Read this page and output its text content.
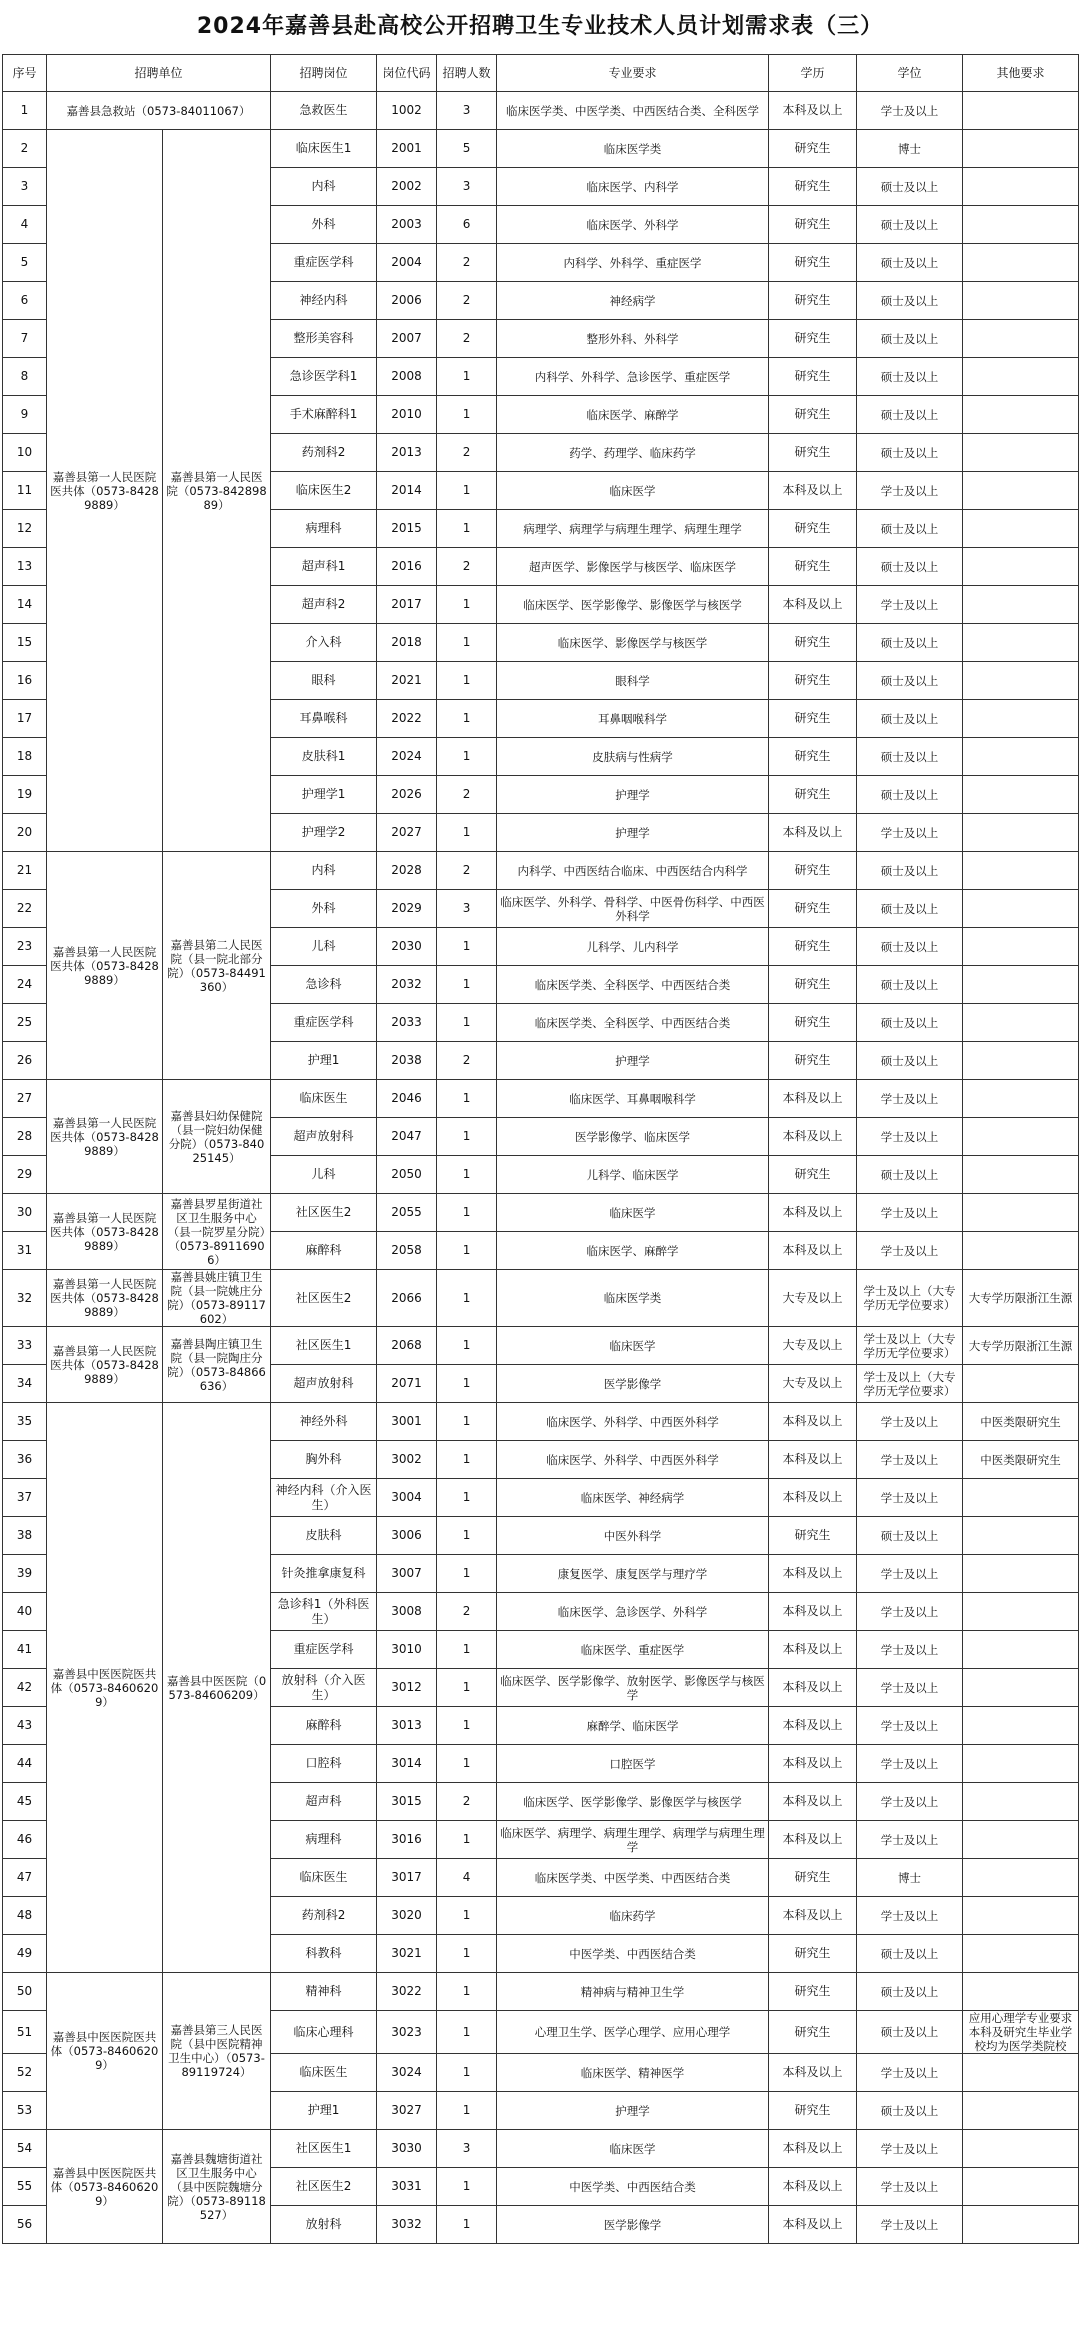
2024年嘉善县赴高校公开招聘卫生专业技术人员计划需求表（三）
序号	招聘单位		招聘岗位	岗位代码	招聘人数	专业要求	学历	学位	其他要求
1	嘉善县急救站（0573-84011067）		急救医生	1002	3	临床医学类、中医学类、中西医结合类、全科医学	本科及以上	学士及以上	
2	嘉善县第一人民医院医共体（0573-84289889）	嘉善县第一人民医院（0573-84289889）	临床医生1	2001	5	临床医学类	研究生	博士	
3			内科	2002	3	临床医学、内科学	研究生	硕士及以上	
4			外科	2003	6	临床医学、外科学	研究生	硕士及以上	
5			重症医学科	2004	2	内科学、外科学、重症医学	研究生	硕士及以上	
6			神经内科	2006	2	神经病学	研究生	硕士及以上	
7			整形美容科	2007	2	整形外科、外科学	研究生	硕士及以上	
8			急诊医学科1	2008	1	内科学、外科学、急诊医学、重症医学	研究生	硕士及以上	
9			手术麻醉科1	2010	1	临床医学、麻醉学	研究生	硕士及以上	
10			药剂科2	2013	2	药学、药理学、临床药学	研究生	硕士及以上	
11			临床医生2	2014	1	临床医学	本科及以上	学士及以上	
12			病理科	2015	1	病理学、病理学与病理生理学、病理生理学	研究生	硕士及以上	
13			超声科1	2016	2	超声医学、影像医学与核医学、临床医学	研究生	硕士及以上	
14			超声科2	2017	1	临床医学、医学影像学、影像医学与核医学	本科及以上	学士及以上	
15			介入科	2018	1	临床医学、影像医学与核医学	研究生	硕士及以上	
16			眼科	2021	1	眼科学	研究生	硕士及以上	
17			耳鼻喉科	2022	1	耳鼻咽喉科学	研究生	硕士及以上	
18			皮肤科1	2024	1	皮肤病与性病学	研究生	硕士及以上	
19			护理学1	2026	2	护理学	研究生	硕士及以上	
20			护理学2	2027	1	护理学	本科及以上	学士及以上	
21	嘉善县第一人民医院医共体（0573-84289889）	嘉善县第二人民医院（县一院北部分院）（0573-84491360）	内科	2028	2	内科学、中西医结合临床、中西医结合内科学	研究生	硕士及以上	
22			外科	2029	3	临床医学、外科学、骨科学、中医骨伤科学、中西医外科学	研究生	硕士及以上	
23			儿科	2030	1	儿科学、儿内科学	研究生	硕士及以上	
24			急诊科	2032	1	临床医学类、全科医学、中西医结合类	研究生	硕士及以上	
25			重症医学科	2033	1	临床医学类、全科医学、中西医结合类	研究生	硕士及以上	
26			护理1	2038	2	护理学	研究生	硕士及以上	
27	嘉善县第一人民医院医共体（0573-84289889）	嘉善县妇幼保健院（县一院妇幼保健分院）（0573-84025145）	临床医生	2046	1	临床医学、耳鼻咽喉科学	本科及以上	学士及以上	
28			超声放射科	2047	1	医学影像学、临床医学	本科及以上	学士及以上	
29			儿科	2050	1	儿科学、临床医学	研究生	硕士及以上	
30	嘉善县第一人民医院医共体（0573-84289889）	嘉善县罗星街道社区卫生服务中心（县一院罗星分院）（0573-89116906）	社区医生2	2055	1	临床医学	本科及以上	学士及以上	
31			麻醉科	2058	1	临床医学、麻醉学	本科及以上	学士及以上	
32	嘉善县第一人民医院医共体（0573-84289889）	嘉善县姚庄镇卫生院（县一院姚庄分院）（0573-89117602）	社区医生2	2066	1	临床医学类	大专及以上	学士及以上（大专学历无学位要求）	大专学历限浙江生源
33	嘉善县第一人民医院医共体（0573-84289889）	嘉善县陶庄镇卫生院（县一院陶庄分院）（0573-84866636）	社区医生1	2068	1	临床医学	大专及以上	学士及以上（大专学历无学位要求）	大专学历限浙江生源
34			超声放射科	2071	1	医学影像学	大专及以上	学士及以上（大专学历无学位要求）	
35	嘉善县中医医院医共体（0573-84606209）	嘉善县中医医院（0573-84606209）	神经外科	3001	1	临床医学、外科学、中西医外科学	本科及以上	学士及以上	中医类限研究生
36			胸外科	3002	1	临床医学、外科学、中西医外科学	本科及以上	学士及以上	中医类限研究生
37			神经内科（介入医生）	3004	1	临床医学、神经病学	本科及以上	学士及以上	
38			皮肤科	3006	1	中医外科学	研究生	硕士及以上	
39			针灸推拿康复科	3007	1	康复医学、康复医学与理疗学	本科及以上	学士及以上	
40			急诊科1（外科医生）	3008	2	临床医学、急诊医学、外科学	本科及以上	学士及以上	
41			重症医学科	3010	1	临床医学、重症医学	本科及以上	学士及以上	
42			放射科（介入医生）	3012	1	临床医学、医学影像学、放射医学、影像医学与核医学	本科及以上	学士及以上	
43			麻醉科	3013	1	麻醉学、临床医学	本科及以上	学士及以上	
44			口腔科	3014	1	口腔医学	本科及以上	学士及以上	
45			超声科	3015	2	临床医学、医学影像学、影像医学与核医学	本科及以上	学士及以上	
46			病理科	3016	1	临床医学、病理学、病理生理学、病理学与病理生理学	本科及以上	学士及以上	
47			临床医生	3017	4	临床医学类、中医学类、中西医结合类	研究生	博士	
48			药剂科2	3020	1	临床药学	本科及以上	学士及以上	
49			科教科	3021	1	中医学类、中西医结合类	研究生	硕士及以上	
50	嘉善县中医医院医共体（0573-84606209）	嘉善县第三人民医院（县中医院精神卫生中心）（0573-89119724）	精神科	3022	1	精神病与精神卫生学	研究生	硕士及以上	
51			临床心理科	3023	1	心理卫生学、医学心理学、应用心理学	研究生	硕士及以上	应用心理学专业要求本科及研究生毕业学校均为医学类院校
52			临床医生	3024	1	临床医学、精神医学	本科及以上	学士及以上	
53			护理1	3027	1	护理学	研究生	硕士及以上	
54	嘉善县中医医院医共体（0573-84606209）	嘉善县魏塘街道社区卫生服务中心（县中医院魏塘分院）（0573-89118527）	社区医生1	3030	3	临床医学	本科及以上	学士及以上	
55			社区医生2	3031	1	中医学类、中西医结合类	本科及以上	学士及以上	
56			放射科	3032	1	医学影像学	本科及以上	学士及以上	
